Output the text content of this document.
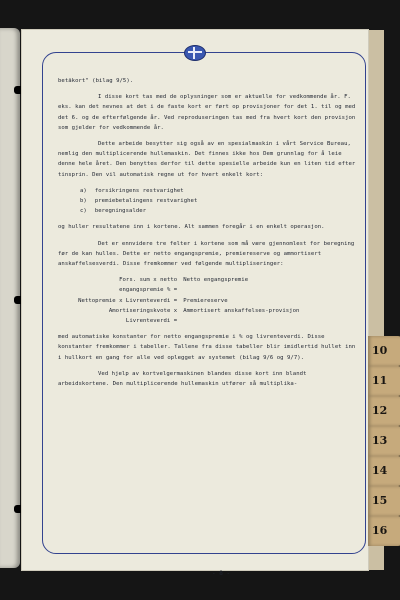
betäkort" (bilag 9/5).

I disse kort tas med de oplysninger som er aktuelle for vedkommende år. F. eks. kan det nevnes at det i de faste kort er ført op provisjoner for det 1. til og med det 6. og de efterfølgende år. Ved reproduseringen tas med fra hvert kort den provisjon som gjelder for vedkommende år.

Dette arbeide besytter sig også av en spesialmaskin i vårt Service Bureau, nemlig den multiplicerende hullemaskin. Det finnes ikke hos Dem grunnlag for å leie denne hele året. Den benyttes derfor til dette spesielle arbeide kun en liten tid efter tinsprin. Den vil automatisk regne ut for hvert enkelt kort:

a) forsikringens restvarighet
b) premiebetalingens restvarighet
c) beregningsalder

og huller resultatene inn i kortene. Alt sammen foregår i en enkelt operasjon.

Det er ennvidere tre felter i kortene som må være gjennomlest for beregning før de kan hulles. Dette er netto engangspremie, premiereserve og ammortisert anskaffelsesverdi. Disse fremkommer ved følgende multipliseringer:

Fors. sum x netto engangspremie % =
Netto engangspremie
Nettopremie x Livrenteverdi = Premiereserve
Amortiseringskvote x Livrenteverdi =
Ammortisert anskaffelses-provisjon

med automatiske konstanter for netto engangspremie i % og livrenteverdi. Disse konstanter fremkommer i tabeller. Tallene fra disse tabeller blir imidlertid hullet inn i hullkort en gang for alle ved oplegget av systemet (bilag 9/6 og 9/7).

Ved hjelp av kortvelgermaskinen blandes disse kort inn blandt arbeidskortene. Den multiplicerende hullemaskin utfører så multiplika-

- 8 -
10
11
12
13
14
15
16
